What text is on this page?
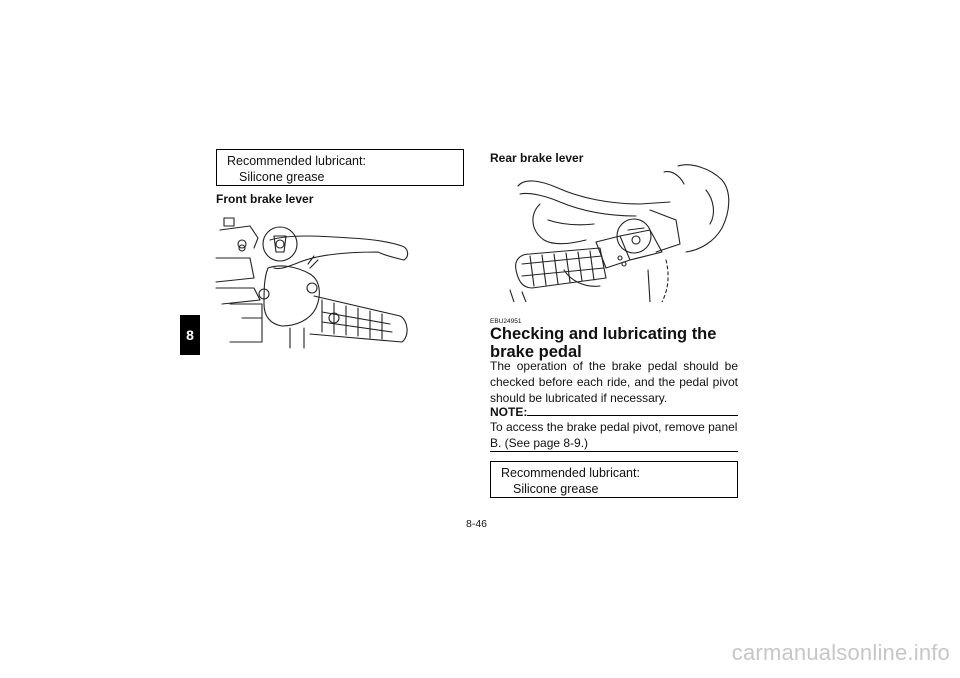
8
Recommended lubricant:
Silicone grease
Front brake lever
Rear brake lever
EBU24951
Checking and lubricating the brake pedal
The operation of the brake pedal should be checked before each ride, and the pedal pivot should be lubricated if necessary.
NOTE:
To access the brake pedal pivot, remove panel B. (See page 8-9.)
Recommended lubricant:
Silicone grease
8-46
carmanualsonline.info
